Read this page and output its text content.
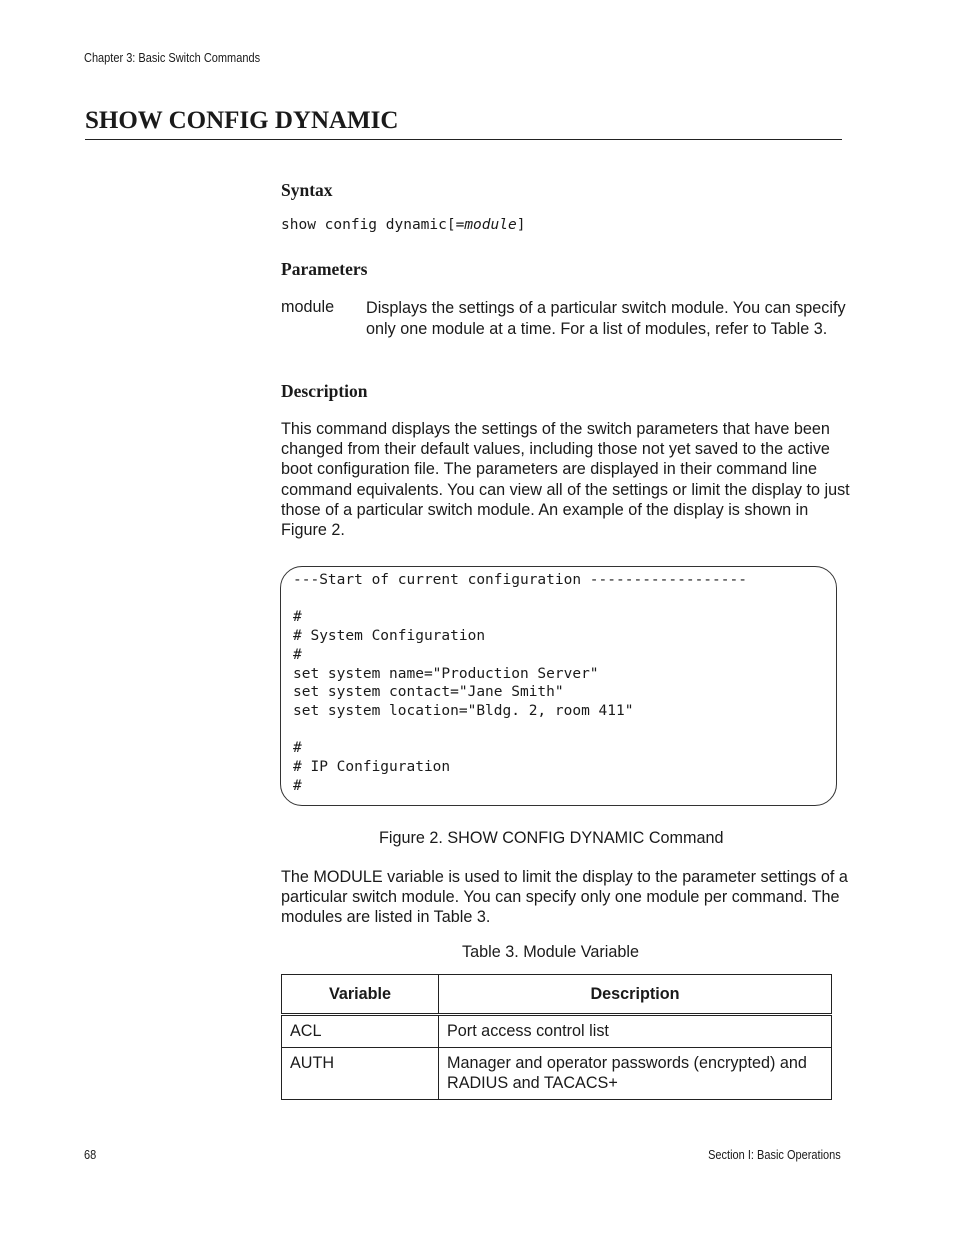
Chapter 3: Basic Switch Commands
SHOW CONFIG DYNAMIC
Syntax
show config dynamic[=module]
Parameters
module Displays the settings of a particular switch module. You can specify only one module at a time. For a list of modules, refer to Table 3.
Description

This command displays the settings of the switch parameters that have been changed from their default values, including those not yet saved to the active boot configuration file. The parameters are displayed in their command line command equivalents. You can view all of the settings or limit the display to just those of a particular switch module. An example of the display is shown in Figure 2.

---Start of current configuration ------------------

#
# System Configuration
#
set system name="Production Server"
set system contact="Jane Smith"
set system location="Bldg. 2, room 411"

#
# IP Configuration
#
Figure 2. SHOW CONFIG DYNAMIC Command

The MODULE variable is used to limit the display to the parameter settings of a particular switch module. You can specify only one module per command. The modules are listed in Table 3.

Table 3. Module Variable
Variable	Description
ACL	Port access control list
AUTH	Manager and operator passwords (encrypted) and RADIUS and TACACS+
68	Section I: Basic Operations
